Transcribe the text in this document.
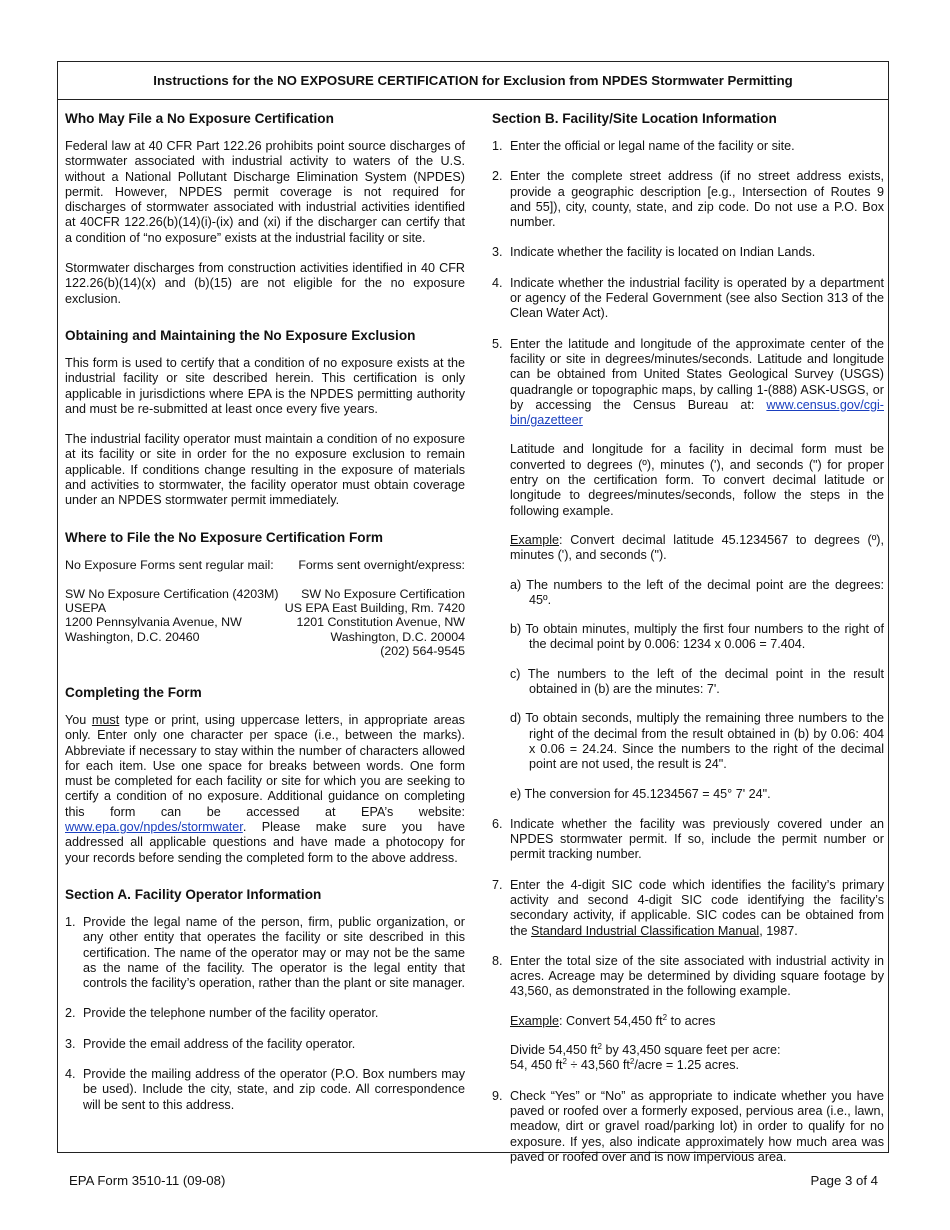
Instructions for the NO EXPOSURE CERTIFICATION for Exclusion from NPDES Stormwater Permitting
Who May File a No Exposure Certification

Federal law at 40 CFR Part 122.26 prohibits point source discharges of stormwater associated with industrial activity to waters of the U.S. without a National Pollutant Discharge Elimination System (NPDES) permit. However, NPDES permit coverage is not required for discharges of stormwater associated with industrial activities identified at 40CFR 122.26(b)(14)(i)-(ix) and (xi) if the discharger can certify that a condition of “no exposure” exists at the industrial facility or site.

Stormwater discharges from construction activities identified in 40 CFR 122.26(b)(14)(x) and (b)(15) are not eligible for the no exposure exclusion.

Obtaining and Maintaining the No Exposure Exclusion

This form is used to certify that a condition of no exposure exists at the industrial facility or site described herein. This certification is only applicable in jurisdictions where EPA is the NPDES permitting authority and must be re-submitted at least once every five years.

The industrial facility operator must maintain a condition of no exposure at its facility or site in order for the no exposure exclusion to remain applicable. If conditions change resulting in the exposure of materials and activities to stormwater, the facility operator must obtain coverage under an NPDES stormwater permit immediately.

Where to File the No Exposure Certification Form
No Exposure Forms sent regular mail: Forms sent overnight/express:
SW No Exposure Certification (4203M)
USEPA
1200 Pennsylvania Avenue, NW
Washington, D.C. 20460
SW No Exposure Certification
US EPA East Building, Rm. 7420
1201 Constitution Avenue, NW
Washington, D.C. 20004
(202) 564-9545
Completing the Form

You must type or print, using uppercase letters, in appropriate areas only. Enter only one character per space (i.e., between the marks). Abbreviate if necessary to stay within the number of characters allowed for each item. Use one space for breaks between words. One form must be completed for each facility or site for which you are seeking to certify a condition of no exposure. Additional guidance on completing this form can be accessed at EPA’s website: www.epa.gov/npdes/stormwater. Please make sure you have addressed all applicable questions and have made a photocopy for your records before sending the completed form to the above address.

Section A. Facility Operator Information
1. Provide the legal name of the person, firm, public organization, or any other entity that operates the facility or site described in this certification. The name of the operator may or may not be the same as the name of the facility. The operator is the legal entity that controls the facility’s operation, rather than the plant or site manager.
2. Provide the telephone number of the facility operator.
3. Provide the email address of the facility operator.
4. Provide the mailing address of the operator (P.O. Box numbers may be used). Include the city, state, and zip code. All correspondence will be sent to this address.
Section B. Facility/Site Location Information
1. Enter the official or legal name of the facility or site.
2. Enter the complete street address (if no street address exists, provide a geographic description [e.g., Intersection of Routes 9 and 55]), city, county, state, and zip code. Do not use a P.O. Box number.
3. Indicate whether the facility is located on Indian Lands.
4. Indicate whether the industrial facility is operated by a department or agency of the Federal Government (see also Section 313 of the Clean Water Act).
5. Enter the latitude and longitude of the approximate center of the facility or site in degrees/minutes/seconds. Latitude and longitude can be obtained from United States Geological Survey (USGS) quadrangle or topographic maps, by calling 1-(888) ASK-USGS, or by accessing the Census Bureau at: www.census.gov/cgi-bin/gazetteer

Latitude and longitude for a facility in decimal form must be converted to degrees (º), minutes ('), and seconds (") for proper entry on the certification form. To convert decimal latitude or longitude to degrees/minutes/seconds, follow the steps in the following example.

Example: Convert decimal latitude 45.1234567 to degrees (º), minutes ('), and seconds (").

a) The numbers to the left of the decimal point are the degrees: 45º.
b) To obtain minutes, multiply the first four numbers to the right of the decimal point by 0.006: 1234 x 0.006 = 7.404.
c) The numbers to the left of the decimal point in the result obtained in (b) are the minutes: 7'.
d) To obtain seconds, multiply the remaining three numbers to the right of the decimal from the result obtained in (b) by 0.06: 404 x 0.06 = 24.24. Since the numbers to the right of the decimal point are not used, the result is 24".
e) The conversion for 45.1234567 = 45° 7' 24".
6. Indicate whether the facility was previously covered under an NPDES stormwater permit. If so, include the permit number or permit tracking number.
7. Enter the 4-digit SIC code which identifies the facility’s primary activity and second 4-digit SIC code identifying the facility’s secondary activity, if applicable. SIC codes can be obtained from the Standard Industrial Classification Manual, 1987.
8. Enter the total size of the site associated with industrial activity in acres. Acreage may be determined by dividing square footage by 43,560, as demonstrated in the following example.

Example: Convert 54,450 $ft^2$ to acres

Divide 54,450 $ft^2$ by 43,450 square feet per acre:
54, 450 $ft^2 \div 43,560$ $ft^2$/acre = 1.25 acres.

9. Check “Yes” or “No” as appropriate to indicate whether you have paved or roofed over a formerly exposed, pervious area (i.e., lawn, meadow, dirt or gravel road/parking lot) in order to qualify for no exposure. If yes, also indicate approximately how much area was paved or roofed over and is now impervious area.
EPA Form 3510-11 (09-08)	Page 3 of 4
